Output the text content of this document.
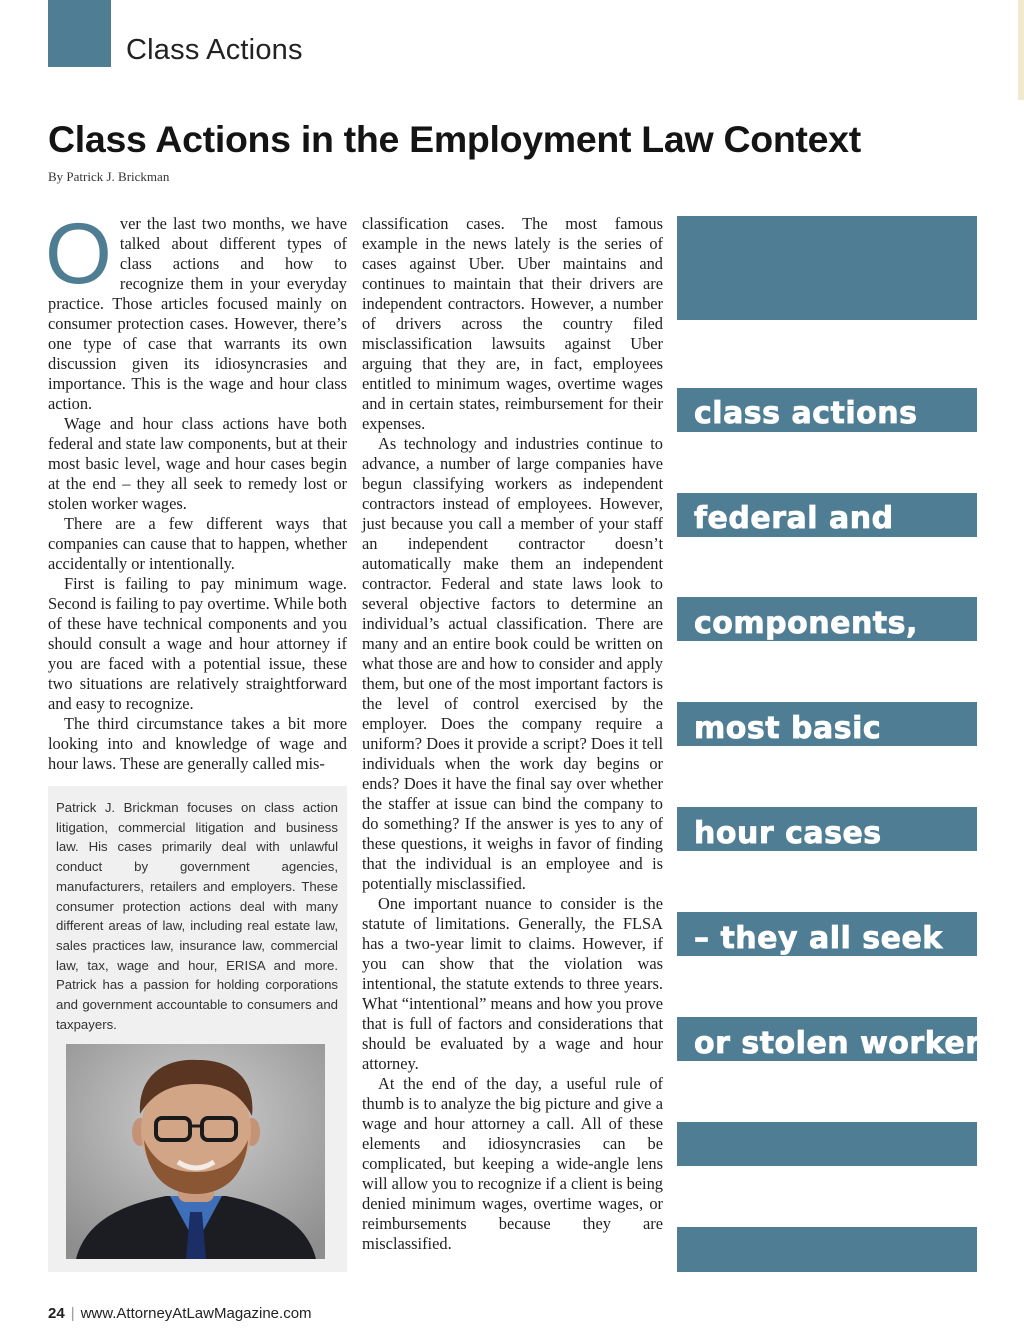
Class Actions
Class Actions in the Employment Law Context
By Patrick J. Brickman

Over the last two months, we have talked about different types of class actions and how to recognize them in your everyday practice. Those articles focused mainly on consumer protection cases. However, there’s one type of case that warrants its own discussion given its idiosyncrasies and importance. This is the wage and hour class action.

Wage and hour class actions have both federal and state law components, but at their most basic level, wage and hour cases begin at the end – they all seek to remedy lost or stolen worker wages.

There are a few different ways that companies can cause that to happen, whether accidentally or intentionally.

First is failing to pay minimum wage. Second is failing to pay overtime. While both of these have technical components and you should consult a wage and hour attorney if you are faced with a potential issue, these two situations are relatively straightforward and easy to recognize.

The third circumstance takes a bit more looking into and knowledge of wage and hour laws. These are generally called mis-

classification cases. The most famous example in the news lately is the series of cases against Uber. Uber maintains and continues to maintain that their drivers are independent contractors. However, a number of drivers across the country filed misclassification lawsuits against Uber arguing that they are, in fact, employees entitled to minimum wages, overtime wages and in certain states, reimbursement for their expenses.

As technology and industries continue to advance, a number of large companies have begun classifying workers as independent contractors instead of employees. However, just because you call a member of your staff an independent contractor doesn’t automatically make them an independent contractor. Federal and state laws look to several objective factors to determine an individual’s actual classification. There are many and an entire book could be written on what those are and how to consider and apply them, but one of the most important factors is the level of control exercised by the employer. Does the company require a uniform? Does it provide a script? Does it tell individuals when the work day begins or ends? Does it have the final say over whether the staffer at issue can bind the company to do something? If the answer is yes to any of these questions, it weighs in favor of finding that the individual is an employee and is potentially misclassified.

One important nuance to consider is the statute of limitations. Generally, the FLSA has a two-year limit to claims. However, if you can show that the violation was intentional, the statute extends to three years. What “intentional” means and how you prove that is full of factors and considerations that should be evaluated by a wage and hour attorney.

At the end of the day, a useful rule of thumb is to analyze the big picture and give a wage and hour attorney a call. All of these elements and idiosyncrasies can be complicated, but keeping a wide-angle lens will allow you to recognize if a client is being denied minimum wages, overtime wages, or reimbursements because they are misclassified.

Patrick J. Brickman focuses on class action litigation, commercial litigation and business law. His cases primarily deal with unlawful conduct by government agencies, manufacturers, retailers and employers. These consumer protection actions deal with many different areas of law, including real estate law, sales practices law, insurance law, commercial law, tax, wage and hour, ERISA and more. Patrick has a passion for holding corporations and government accountable to consumers and taxpayers.

“Wage and hour class actions have both federal and state law components, but at their most basic level, wage and hour cases begin at the end – they all seek to remedy lost or stolen worker wages.”

24 | www.AttorneyAtLawMagazine.com
